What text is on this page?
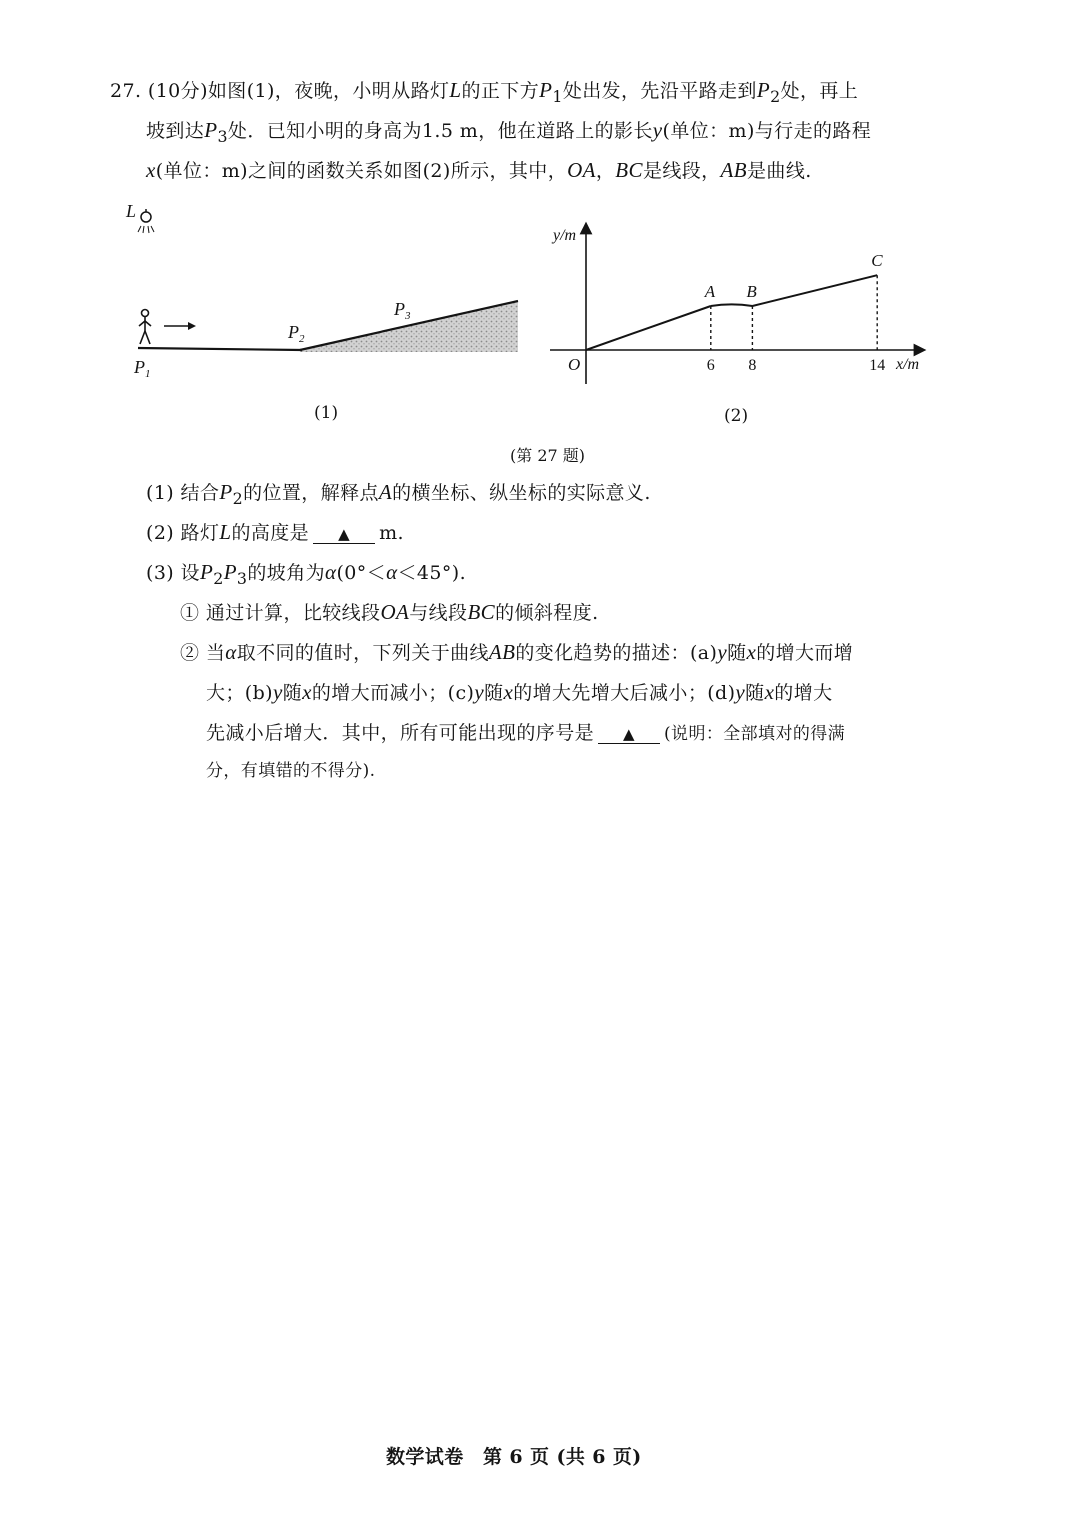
27. (10分)如图(1)，夜晚，小明从路灯L的正下方$P_1$处出发，先沿平路走到$P_2$处，再上
坡到达$P_3$处．已知小明的身高为1.5 m，他在道路上的影长y(单位：m)与行走的路程
x(单位：m)之间的函数关系如图(2)所示，其中，OA，BC是线段，AB是曲线.
L
$P_1$
$P_2$
$P_3$
(1)
y/m
x/m
O
A B
C
6 8	14
(2)
(第 27 题)
(1) 结合$P_2$的位置，解释点A的横坐标、纵坐标的实际意义.
(2) 路灯L的高度是 ▲ m.
(3) 设$P_2P_3$的坡角为α(0°＜α＜45°).
① 通过计算，比较线段OA与线段BC的倾斜程度.
② 当α取不同的值时，下列关于曲线AB的变化趋势的描述：(a)y随x的增大而增
大；(b)y随x的增大而减小；(c)y随x的增大先增大后减小；(d)y随x的增大
先减小后增大．其中，所有可能出现的序号是 ▲ (说明：全部填对的得满
分，有填错的不得分).
数学试卷　第 6 页 (共 6 页)
